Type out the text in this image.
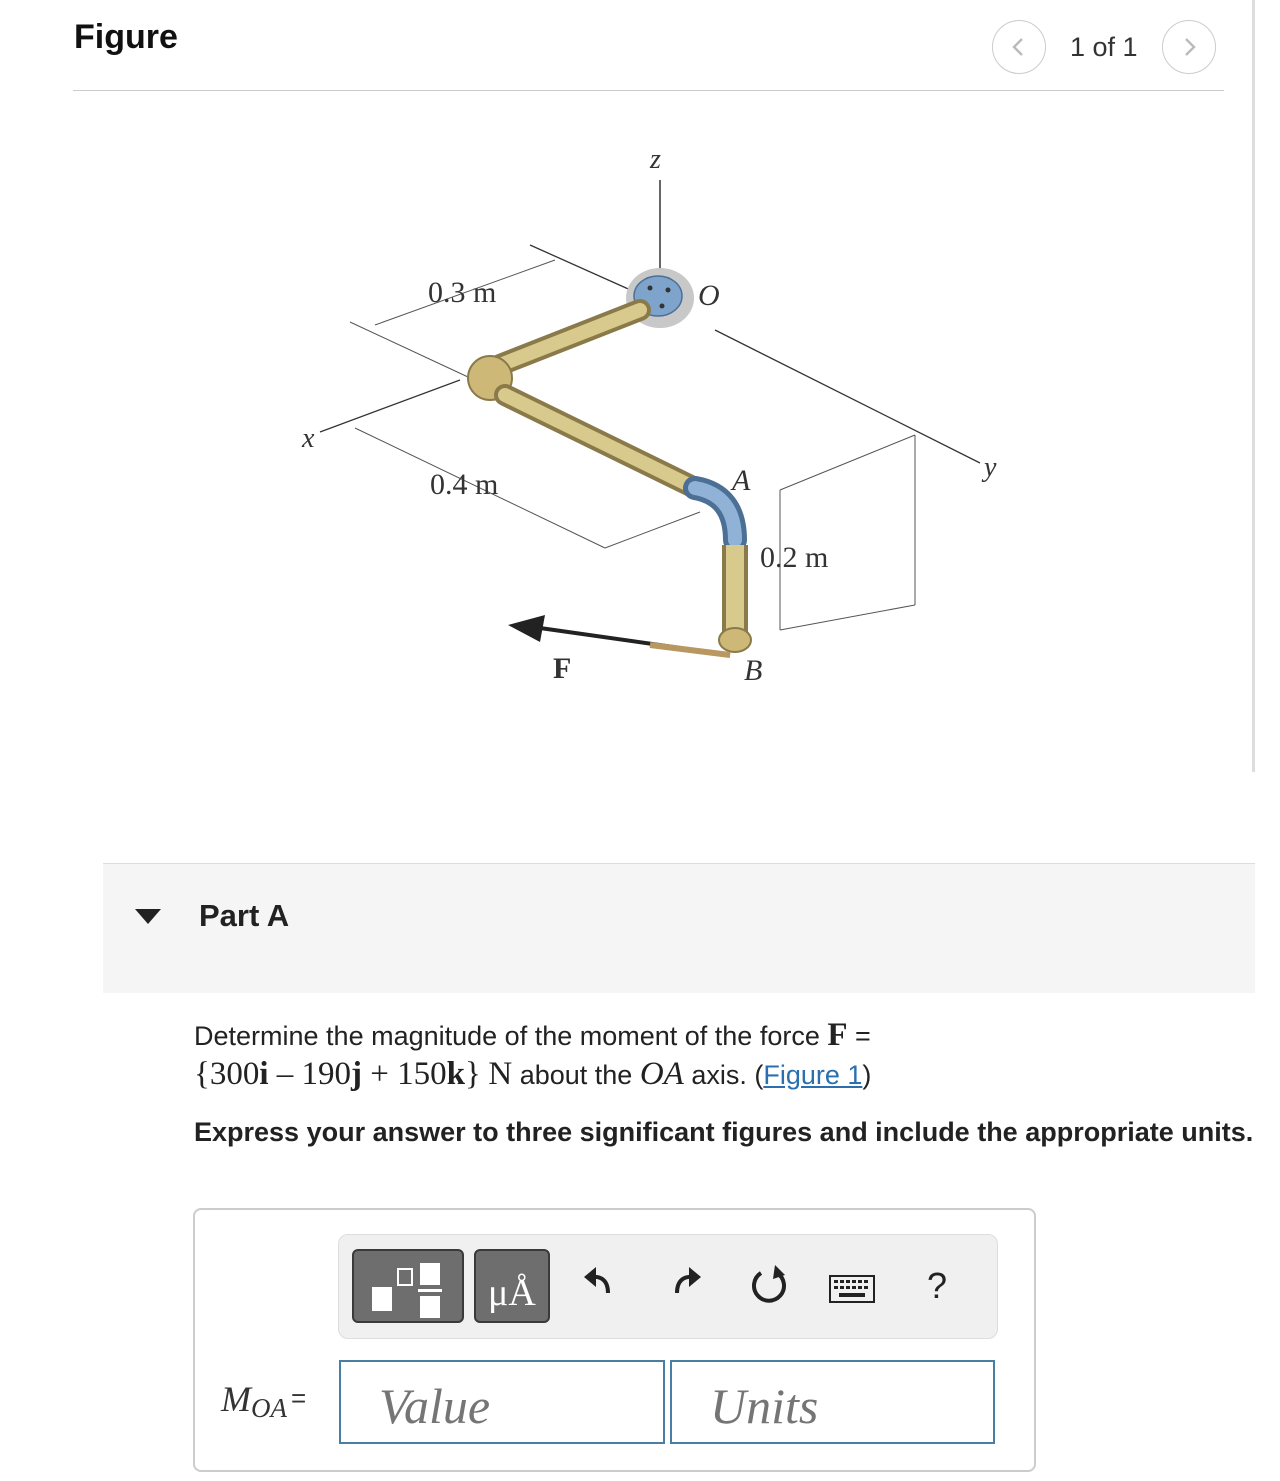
Figure	1 of 1
z
x
y
O
A
B
F
0.3 m
0.4 m
0.2 m
Part A
Determine the magnitude of the moment of the force F =
{300i – 190j + 150k} N about the OA axis. (Figure 1)
Express your answer to three significant figures and include the appropriate units.
μÅ	?
$M_{OA}$ =
Value
Units
